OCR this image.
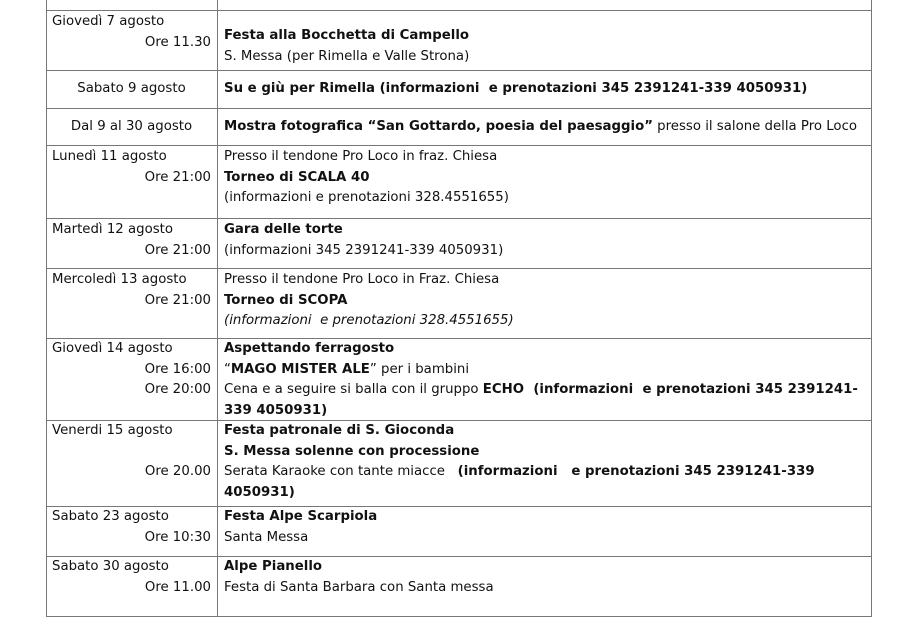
Giovedì 7 agosto
Ore 11.30 Festa alla Bocchetta di Campello
S. Messa (per Rimella e Valle Strona)
Sabato 9 agosto	Su e giù per Rimella (informazioni  e prenotazioni 345 2391241-339 4050931)
Dal 9 al 30 agosto	Mostra fotografica “San Gottardo, poesia del paesaggio” presso il salone della Pro Loco
Lunedì 11 agosto
Ore 21:00
Presso il tendone Pro Loco in fraz. Chiesa
Torneo di SCALA 40
(informazioni e prenotazioni 328.4551655)
Martedì 12 agosto
Ore 21:00
Gara delle torte
(informazioni 345 2391241-339 4050931)
Mercoledì 13 agosto
Ore 21:00
Presso il tendone Pro Loco in Fraz. Chiesa
Torneo di SCOPA
(informazioni  e prenotazioni 328.4551655)
Giovedì 14 agosto
Ore 16:00
Ore 20:00
Aspettando ferragosto
“MAGO MISTER ALE” per i bambini
Cena e a seguire si balla con il gruppo ECHO  (informazioni  e prenotazioni 345 2391241-
339 4050931)
Venerdi 15 agosto

Ore 20.00
Festa patronale di S. Gioconda
S. Messa solenne con processione
Serata Karaoke con tante miacce   (informazioni   e prenotazioni 345 2391241-339
4050931)
Sabato 23 agosto
Ore 10:30
Festa Alpe Scarpiola
Santa Messa
Sabato 30 agosto
Ore 11.00
Alpe Pianello
Festa di Santa Barbara con Santa messa
